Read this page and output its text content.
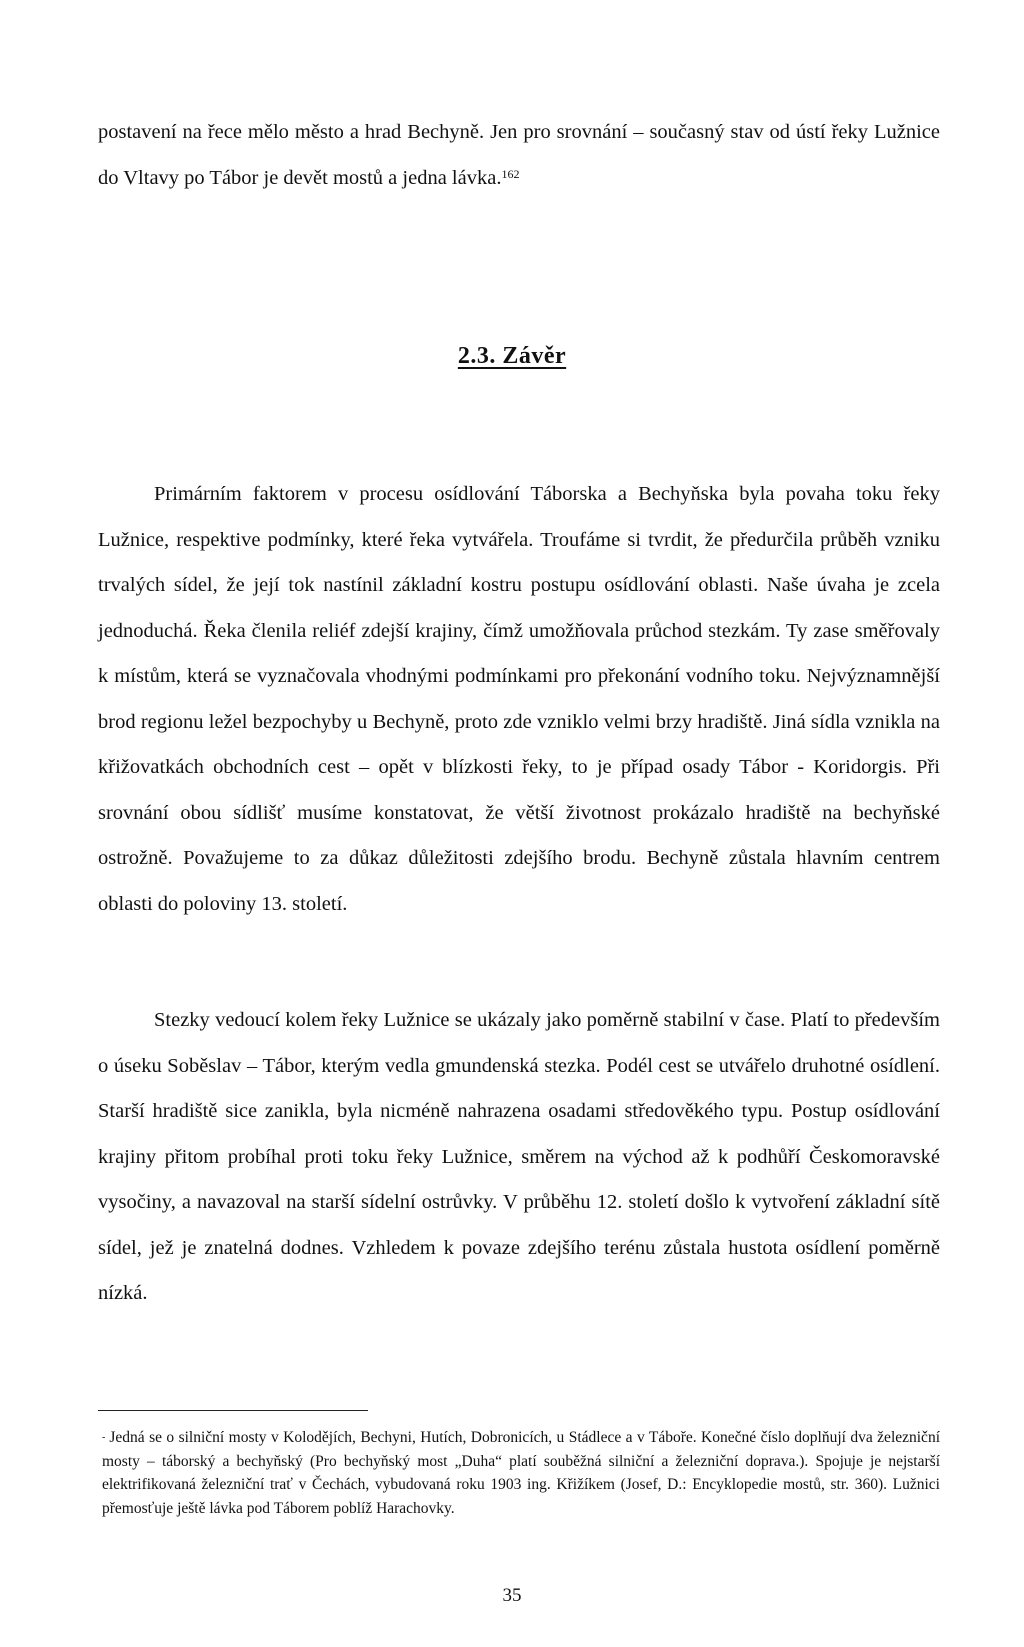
postavení na řece mělo město a hrad Bechyně. Jen pro srovnání – současný stav od ústí řeky Lužnice do Vltavy po Tábor je devět mostů a jedna lávka.$^{162}$

2.3. Závěr

Primárním faktorem v procesu osídlování Táborska a Bechyňska byla povaha toku řeky Lužnice, respektive podmínky, které řeka vytvářela. Troufáme si tvrdit, že předurčila průběh vzniku trvalých sídel, že její tok nastínil základní kostru postupu osídlování oblasti. Naše úvaha je zcela jednoduchá. Řeka členila reliéf zdejší krajiny, čímž umožňovala průchod stezkám. Ty zase směřovaly k místům, která se vyznačovala vhodnými podmínkami pro překonání vodního toku. Nejvýznamnější brod regionu ležel bezpochyby u Bechyně, proto zde vzniklo velmi brzy hradiště. Jiná sídla vznikla na křižovatkách obchodních cest – opět v blízkosti řeky, to je případ osady Tábor - Koridorgis. Při srovnání obou sídlišť musíme konstatovat, že větší životnost prokázalo hradiště na bechyňské ostrožně. Považujeme to za důkaz důležitosti zdejšího brodu. Bechyně zůstala hlavním centrem oblasti do poloviny 13. století.

Stezky vedoucí kolem řeky Lužnice se ukázaly jako poměrně stabilní v čase. Platí to především o úseku Soběslav – Tábor, kterým vedla gmundenská stezka. Podél cest se utvářelo druhotné osídlení. Starší hradiště sice zanikla, byla nicméně nahrazena osadami středověkého typu. Postup osídlování krajiny přitom probíhal proti toku řeky Lužnice, směrem na východ až k podhůří Českomoravské vysočiny, a navazoval na starší sídelní ostrůvky. V průběhu 12. století došlo k vytvoření základní sítě sídel, jež je znatelná dodnes. Vzhledem k povaze zdejšího terénu zůstala hustota osídlení poměrně nízká.

- Jedná se o silniční mosty v Kolodějích, Bechyni, Hutích, Dobronicích, u Stádlece a v Táboře. Konečné číslo doplňují dva železniční mosty – táborský a bechyňský (Pro bechyňský most „Duha“ platí souběžná silniční a železniční doprava.). Spojuje je nejstarší elektrifikovaná železniční trať v Čechách, vybudovaná roku 1903 ing. Křižíkem (Josef, D.: Encyklopedie mostů, str. 360). Lužnici přemosťuje ještě lávka pod Táborem poblíž Harachovky.

35
